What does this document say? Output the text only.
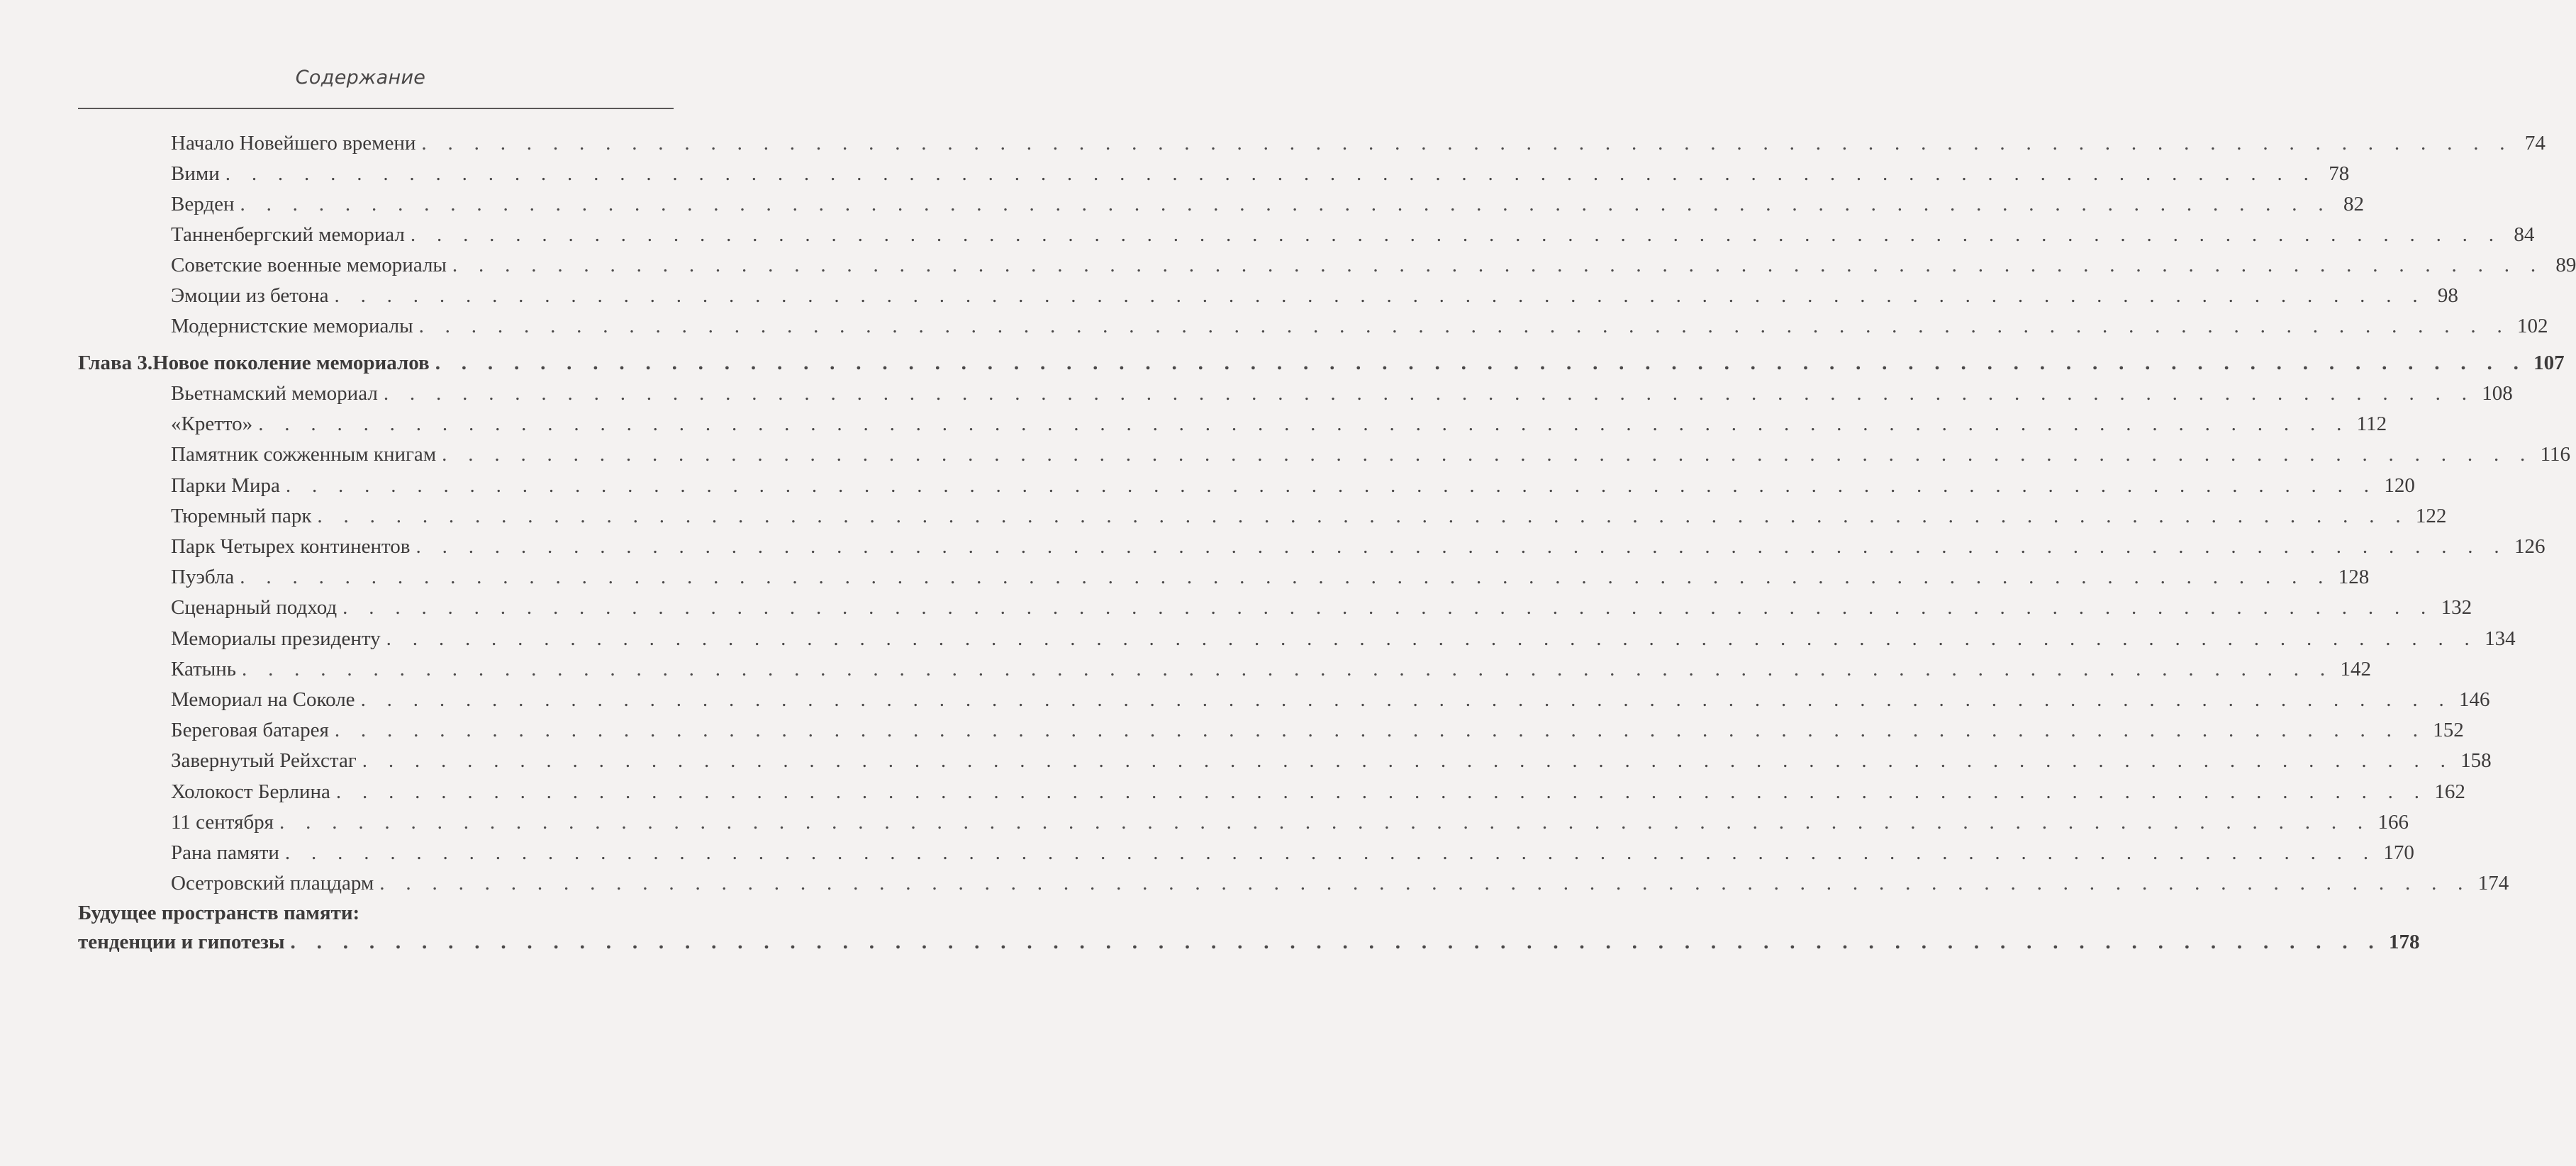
Содержание
Начало Новейшего времени . . . . . . . . . . . . . . . . . . . . . . . . . . . . . . . . . . . . . . . . . . . . . . . . . . . . . . . . . . . . . . . . . . . . . . . . . . . . . . . . 74
Вими . . . . . . . . . . . . . . . . . . . . . . . . . . . . . . . . . . . . . . . . . . . . . . . . . . . . . . . . . . . . . . . . . . . . . . . . . . . . . . . . 78
Верден . . . . . . . . . . . . . . . . . . . . . . . . . . . . . . . . . . . . . . . . . . . . . . . . . . . . . . . . . . . . . . . . . . . . . . . . . . . . . . . . 82
Танненбергский мемориал . . . . . . . . . . . . . . . . . . . . . . . . . . . . . . . . . . . . . . . . . . . . . . . . . . . . . . . . . . . . . . . . . . . . . . . . . . . . . . . . 84
Советские военные мемориалы . . . . . . . . . . . . . . . . . . . . . . . . . . . . . . . . . . . . . . . . . . . . . . . . . . . . . . . . . . . . . . . . . . . . . . . . . . . . . . . . 89
Эмоции из бетона . . . . . . . . . . . . . . . . . . . . . . . . . . . . . . . . . . . . . . . . . . . . . . . . . . . . . . . . . . . . . . . . . . . . . . . . . . . . . . . . 98
Модернистские мемориалы . . . . . . . . . . . . . . . . . . . . . . . . . . . . . . . . . . . . . . . . . . . . . . . . . . . . . . . . . . . . . . . . . . . . . . . . . . . . . . . . 102
Глава 3. Новое поколение мемориалов . . . . . . . . . . . . . . . . . . . . . . . . . . . . . . . . . . . . . . . . . . . . . . . . . . . . . . . . . . . . . . . . . . . . . . . . . . . . . . . . 107
Вьетнамский мемориал . . . . . . . . . . . . . . . . . . . . . . . . . . . . . . . . . . . . . . . . . . . . . . . . . . . . . . . . . . . . . . . . . . . . . . . . . . . . . . . . 108
«Кретто» . . . . . . . . . . . . . . . . . . . . . . . . . . . . . . . . . . . . . . . . . . . . . . . . . . . . . . . . . . . . . . . . . . . . . . . . . . . . . . . . 112
Памятник сожженным книгам . . . . . . . . . . . . . . . . . . . . . . . . . . . . . . . . . . . . . . . . . . . . . . . . . . . . . . . . . . . . . . . . . . . . . . . . . . . . . . . . 116
Парки Мира . . . . . . . . . . . . . . . . . . . . . . . . . . . . . . . . . . . . . . . . . . . . . . . . . . . . . . . . . . . . . . . . . . . . . . . . . . . . . . . . 120
Тюремный парк . . . . . . . . . . . . . . . . . . . . . . . . . . . . . . . . . . . . . . . . . . . . . . . . . . . . . . . . . . . . . . . . . . . . . . . . . . . . . . . . 122
Парк Четырех континентов . . . . . . . . . . . . . . . . . . . . . . . . . . . . . . . . . . . . . . . . . . . . . . . . . . . . . . . . . . . . . . . . . . . . . . . . . . . . . . . . 126
Пуэбла . . . . . . . . . . . . . . . . . . . . . . . . . . . . . . . . . . . . . . . . . . . . . . . . . . . . . . . . . . . . . . . . . . . . . . . . . . . . . . . . 128
Сценарный подход . . . . . . . . . . . . . . . . . . . . . . . . . . . . . . . . . . . . . . . . . . . . . . . . . . . . . . . . . . . . . . . . . . . . . . . . . . . . . . . . 132
Мемориалы президенту . . . . . . . . . . . . . . . . . . . . . . . . . . . . . . . . . . . . . . . . . . . . . . . . . . . . . . . . . . . . . . . . . . . . . . . . . . . . . . . . 134
Катынь . . . . . . . . . . . . . . . . . . . . . . . . . . . . . . . . . . . . . . . . . . . . . . . . . . . . . . . . . . . . . . . . . . . . . . . . . . . . . . . . 142
Мемориал на Соколе . . . . . . . . . . . . . . . . . . . . . . . . . . . . . . . . . . . . . . . . . . . . . . . . . . . . . . . . . . . . . . . . . . . . . . . . . . . . . . . . 146
Береговая батарея . . . . . . . . . . . . . . . . . . . . . . . . . . . . . . . . . . . . . . . . . . . . . . . . . . . . . . . . . . . . . . . . . . . . . . . . . . . . . . . . 152
Завернутый Рейхстаг . . . . . . . . . . . . . . . . . . . . . . . . . . . . . . . . . . . . . . . . . . . . . . . . . . . . . . . . . . . . . . . . . . . . . . . . . . . . . . . . 158
Холокост Берлина . . . . . . . . . . . . . . . . . . . . . . . . . . . . . . . . . . . . . . . . . . . . . . . . . . . . . . . . . . . . . . . . . . . . . . . . . . . . . . . . 162
11 сентября . . . . . . . . . . . . . . . . . . . . . . . . . . . . . . . . . . . . . . . . . . . . . . . . . . . . . . . . . . . . . . . . . . . . . . . . . . . . . . . . 166
Рана памяти . . . . . . . . . . . . . . . . . . . . . . . . . . . . . . . . . . . . . . . . . . . . . . . . . . . . . . . . . . . . . . . . . . . . . . . . . . . . . . . . 170
Осетровский плацдарм . . . . . . . . . . . . . . . . . . . . . . . . . . . . . . . . . . . . . . . . . . . . . . . . . . . . . . . . . . . . . . . . . . . . . . . . . . . . . . . . 174
Будущее пространств памяти:
тенденции и гипотезы . . . . . . . . . . . . . . . . . . . . . . . . . . . . . . . . . . . . . . . . . . . . . . . . . . . . . . . . . . . . . . . . . . . . . . . . . . . . . . . . 178
